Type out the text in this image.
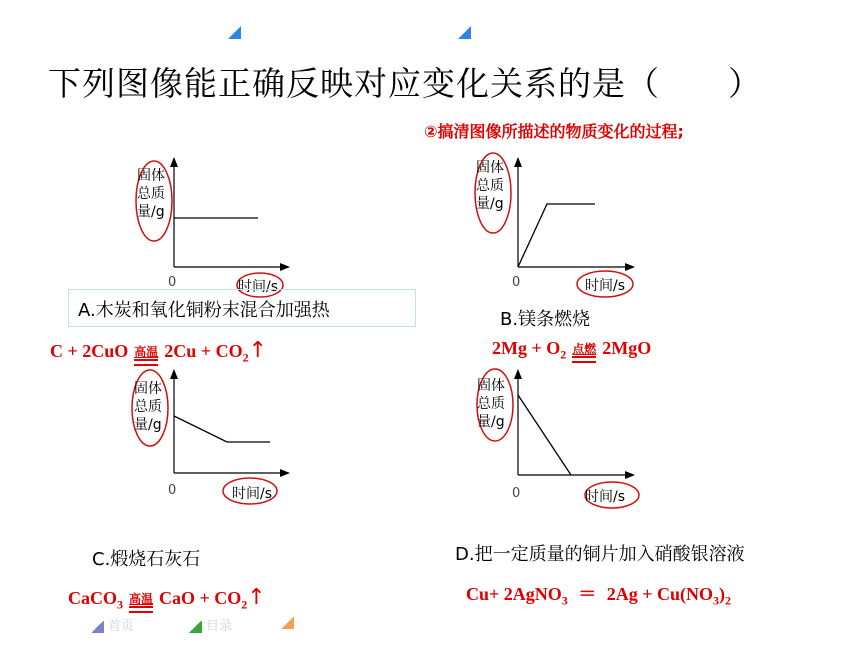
下列图像能正确反映对应变化关系的是（　　）
②搞清图像所描述的物质变化的过程;
固体
总质
量/g
0	时间/s
固体
总质
量/g
0	时间/s
A.木炭和氧化铜粉末混合加强热
C + 2CuO 高温 $2Cu + CO_2↑$
B.镁条燃烧
$2Mg + O_2$ 点燃 2MgO
固体
总质
量/g
0	时间/s
固体
总质
量/g
0	时间/s
C.煅烧石灰石
CaCO$_3$ 高温 CaO + $CO_2↑$
D.把一定质量的铜片加入硝酸银溶液
Cu+ 2AgNO$_3$ ＝ $2Ag + Cu(NO_3)_2$
首页	目录
